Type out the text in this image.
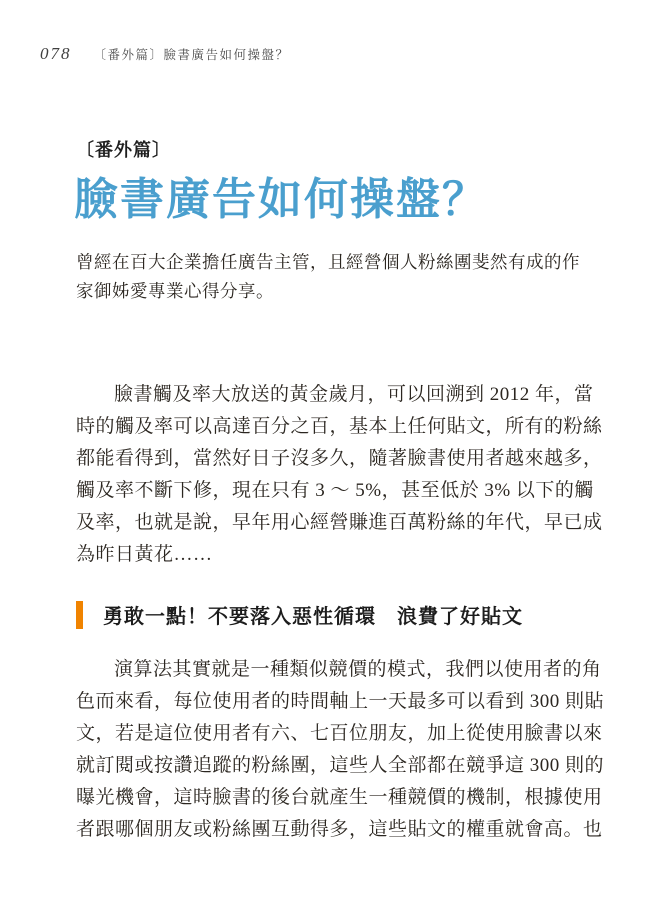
078 〔番外篇〕臉書廣告如何操盤？
〔番外篇〕
臉書廣告如何操盤？
曾經在百大企業擔任廣告主管，且經營個人粉絲團斐然有成的作
家御姊愛專業心得分享。
臉書觸及率大放送的黃金歲月，可以回溯到 2012 年，當
時的觸及率可以高達百分之百，基本上任何貼文，所有的粉絲
都能看得到，當然好日子沒多久，隨著臉書使用者越來越多，
觸及率不斷下修，現在只有 3 ～ 5%，甚至低於 3% 以下的觸
及率，也就是說，早年用心經營賺進百萬粉絲的年代，早已成
為昨日黃花……
勇敢一點！不要落入惡性循環　浪費了好貼文
演算法其實就是一種類似競價的模式，我們以使用者的角
色而來看，每位使用者的時間軸上一天最多可以看到 300 則貼
文，若是這位使用者有六、七百位朋友，加上從使用臉書以來
就訂閱或按讚追蹤的粉絲團，這些人全部都在競爭這 300 則的
曝光機會，這時臉書的後台就產生一種競價的機制，根據使用
者跟哪個朋友或粉絲團互動得多，這些貼文的權重就會高。也
